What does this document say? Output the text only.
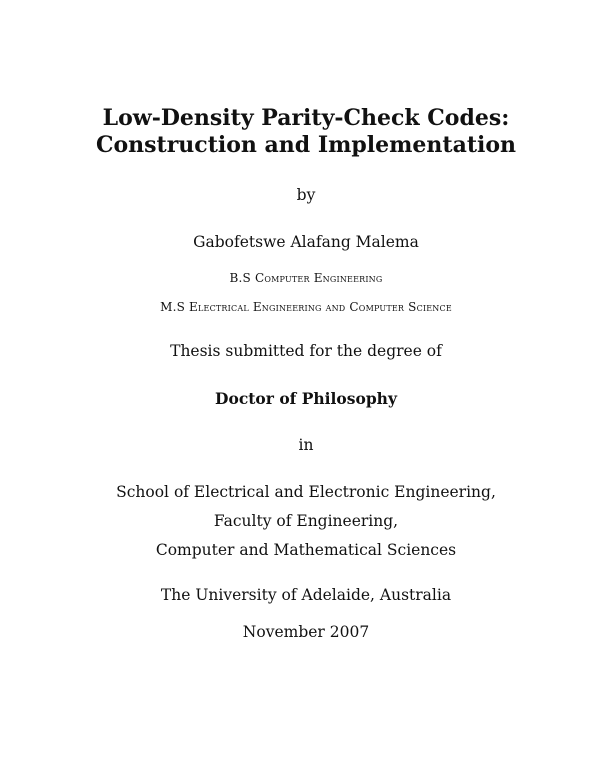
Low-Density Parity-Check Codes:
Construction and Implementation
by
Gabofetswe Alafang Malema
B.S Computer Engineering
M.S Electrical Engineering and Computer Science
Thesis submitted for the degree of
Doctor of Philosophy
in
School of Electrical and Electronic Engineering,
Faculty of Engineering,
Computer and Mathematical Sciences
The University of Adelaide, Australia
November 2007
